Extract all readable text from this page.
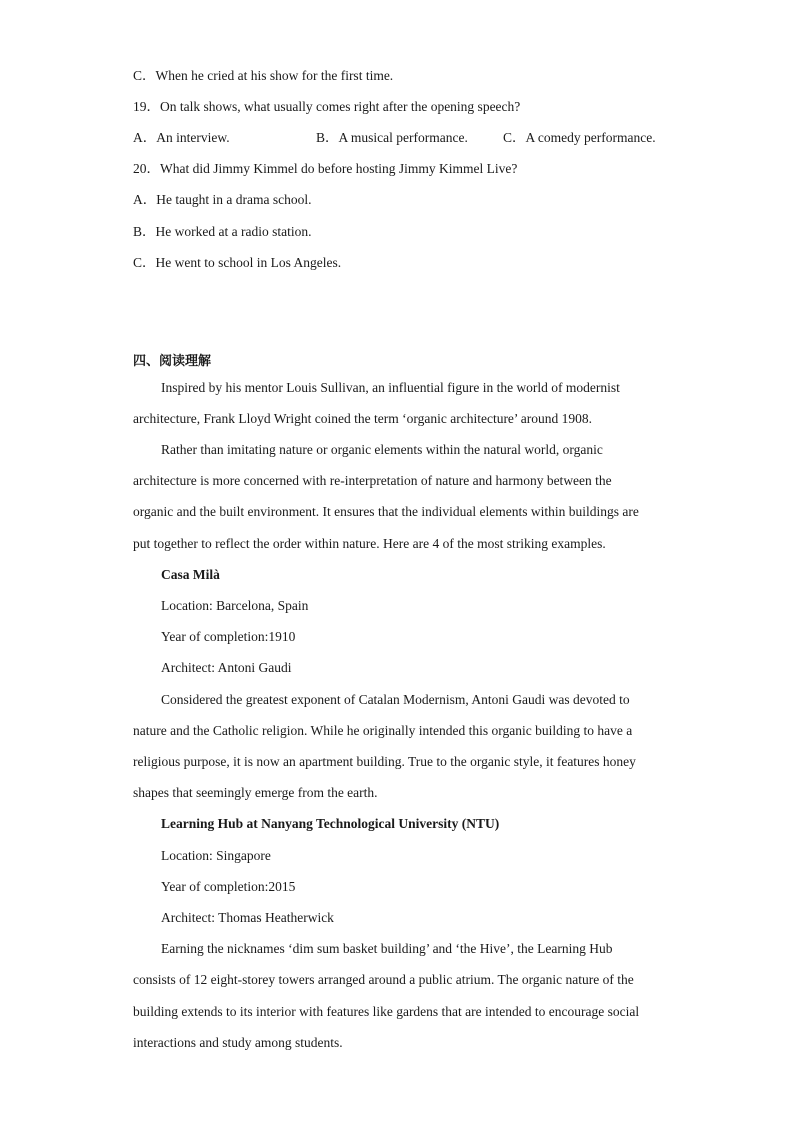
C．When he cried at his show for the first time.
19．On talk shows, what usually comes right after the opening speech?
A．An interview.	B．A musical performance.	C．A comedy performance.
20．What did Jimmy Kimmel do before hosting Jimmy Kimmel Live?
A．He taught in a drama school.
B．He worked at a radio station.
C．He went to school in Los Angeles.
四、阅读理解
Inspired by his mentor Louis Sullivan, an influential figure in the world of modernist
architecture, Frank Lloyd Wright coined the term ‘organic architecture’ around 1908.
Rather than imitating nature or organic elements within the natural world, organic
architecture is more concerned with re-interpretation of nature and harmony between the
organic and the built environment. It ensures that the individual elements within buildings are
put together to reflect the order within nature. Here are 4 of the most striking examples.
Casa Milà
Location: Barcelona, Spain
Year of completion:1910
Architect: Antoni Gaudi
Considered the greatest exponent of Catalan Modernism, Antoni Gaudi was devoted to
nature and the Catholic religion. While he originally intended this organic building to have a
religious purpose, it is now an apartment building. True to the organic style, it features honey
shapes that seemingly emerge from the earth.
Learning Hub at Nanyang Technological University (NTU)
Location: Singapore
Year of completion:2015
Architect: Thomas Heatherwick
Earning the nicknames ‘dim sum basket building’ and ‘the Hive’, the Learning Hub
consists of 12 eight-storey towers arranged around a public atrium. The organic nature of the
building extends to its interior with features like gardens that are intended to encourage social
interactions and study among students.
